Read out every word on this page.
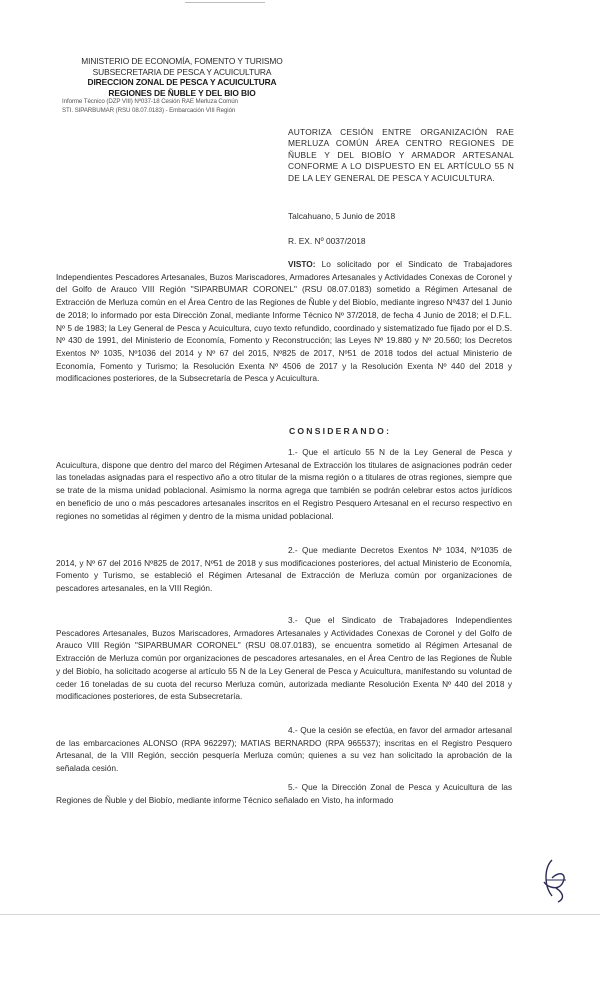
MINISTERIO DE ECONOMÍA, FOMENTO Y TURISMO
SUBSECRETARIA DE PESCA Y ACUICULTURA
DIRECCION ZONAL DE PESCA Y ACUICULTURA
REGIONES DE ÑUBLE Y DEL BIO BIO
Informe Técnico (DZP VIII) Nº037-18 Cesión RAE Merluza Común
STI. SIPARBUMAR (RSU 08.07.0183) - Embarcación VIII Región
AUTORIZA CESIÓN ENTRE ORGANIZACIÓN RAE MERLUZA COMÚN ÁREA CENTRO REGIONES DE ÑUBLE Y DEL BIOBÍO Y ARMADOR ARTESANAL CONFORME A LO DISPUESTO EN EL ARTÍCULO 55 N DE LA LEY GENERAL DE PESCA Y ACUICULTURA.
Talcahuano, 5 Junio de 2018
R. EX. Nº 0037/2018
VISTO: Lo solicitado por el Sindicato de Trabajadores Independientes Pescadores Artesanales, Buzos Mariscadores, Armadores Artesanales y Actividades Conexas de Coronel y del Golfo de Arauco VIII Región "SIPARBUMAR CORONEL" (RSU 08.07.0183) sometido a Régimen Artesanal de Extracción de Merluza común en el Área Centro de las Regiones de Ñuble y del Biobío, mediante ingreso Nº437 del 1 Junio de 2018; lo informado por esta Dirección Zonal, mediante Informe Técnico Nº 37/2018, de fecha 4 Junio de 2018; el D.F.L. Nº 5 de 1983; la Ley General de Pesca y Acuicultura, cuyo texto refundido, coordinado y sistematizado fue fijado por el D.S. Nº 430 de 1991, del Ministerio de Economía, Fomento y Reconstrucción; las Leyes Nº 19.880 y Nº 20.560; los Decretos Exentos Nº 1035, Nº1036 del 2014 y Nº 67 del 2015, Nº825 de 2017, Nº51 de 2018 todos del actual Ministerio de Economía, Fomento y Turismo; la Resolución Exenta Nº 4506 de 2017 y la Resolución Exenta Nº 440 del 2018 y modificaciones posteriores, de la Subsecretaría de Pesca y Acuicultura.
CONSIDERANDO:
1.- Que el artículo 55 N de la Ley General de Pesca y Acuicultura, dispone que dentro del marco del Régimen Artesanal de Extracción los titulares de asignaciones podrán ceder las toneladas asignadas para el respectivo año a otro titular de la misma región o a titulares de otras regiones, siempre que se trate de la misma unidad poblacional. Asimismo la norma agrega que también se podrán celebrar estos actos jurídicos en beneficio de uno o más pescadores artesanales inscritos en el Registro Pesquero Artesanal en el recurso respectivo en regiones no sometidas al régimen y dentro de la misma unidad poblacional.
2.- Que mediante Decretos Exentos Nº 1034, Nº1035 de 2014, y Nº 67 del 2016 Nº825 de 2017, Nº51 de 2018 y sus modificaciones posteriores, del actual Ministerio de Economía, Fomento y Turismo, se estableció el Régimen Artesanal de Extracción de Merluza común por organizaciones de pescadores artesanales, en la VIII Región.
3.- Que el Sindicato de Trabajadores Independientes Pescadores Artesanales, Buzos Mariscadores, Armadores Artesanales y Actividades Conexas de Coronel y del Golfo de Arauco VIII Región "SIPARBUMAR CORONEL" (RSU 08.07.0183), se encuentra sometido al Régimen Artesanal de Extracción de Merluza común por organizaciones de pescadores artesanales, en el Área Centro de las Regiones de Ñuble y del Biobío, ha solicitado acogerse al artículo 55 N de la Ley General de Pesca y Acuicultura, manifestando su voluntad de ceder 16 toneladas de su cuota del recurso Merluza común, autorizada mediante Resolución Exenta Nº 440 del 2018 y modificaciones posteriores, de esta Subsecretaría.
4.- Que la cesión se efectúa, en favor del armador artesanal de las embarcaciones ALONSO (RPA 962297); MATIAS BERNARDO (RPA 965537); inscritas en el Registro Pesquero Artesanal, de la VIII Región, sección pesquería Merluza común; quienes a su vez han solicitado la aprobación de la señalada cesión.
5.- Que la Dirección Zonal de Pesca y Acuicultura de las Regiones de Ñuble y del Biobío, mediante informe Técnico señalado en Visto, ha informado
